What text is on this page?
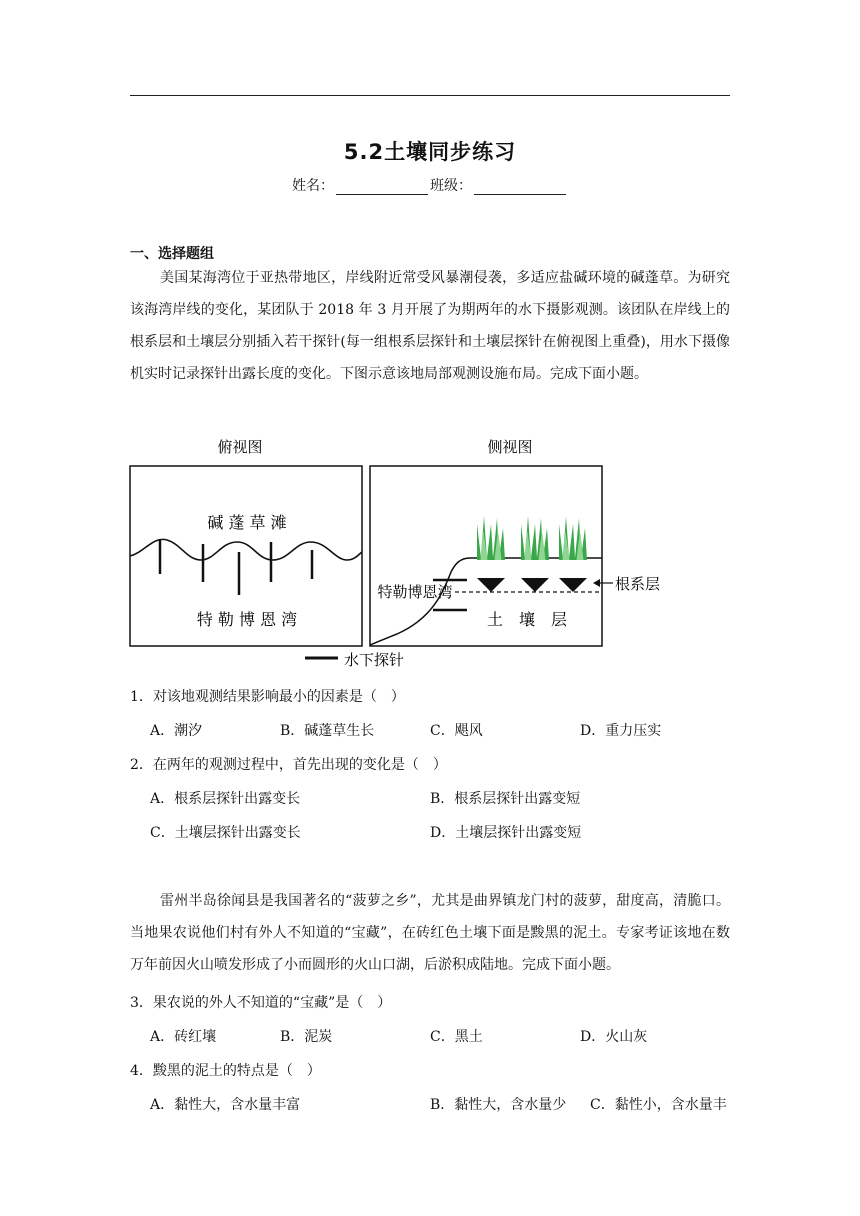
5.2土壤同步练习
姓名：	班级：
一、选择题组
美国某海湾位于亚热带地区，岸线附近常受风暴潮侵袭，多适应盐碱环境的碱蓬草。为研究该海湾岸线的变化，某团队于 2018 年 3 月开展了为期两年的水下摄影观测。该团队在岸线上的根系层和土壤层分别插入若干探针(每一组根系层探针和土壤层探针在俯视图上重叠)，用水下摄像机实时记录探针出露长度的变化。下图示意该地局部观测设施布局。完成下面小题。
俯视图
碱 蓬 草 滩
特 勒 博 恩 湾
侧视图
特勒博恩湾
土　壤　层
根系层
水下探针
1．对该地观测结果影响最小的因素是（　）
A．潮汐	B．碱蓬草生长	C．飓风	D．重力压实
2．在两年的观测过程中，首先出现的变化是（　）
A．根系层探针出露变长	B．根系层探针出露变短
C．土壤层探针出露变长	D．土壤层探针出露变短
雷州半岛徐闻县是我国著名的“菠萝之乡”，尤其是曲界镇龙门村的菠萝，甜度高，清脆口。当地果农说他们村有外人不知道的“宝藏”，在砖红色土壤下面是黢黑的泥土。专家考证该地在数万年前因火山喷发形成了小而圆形的火山口湖，后淤积成陆地。完成下面小题。
3．果农说的外人不知道的“宝藏”是（　）
A．砖红壤	B．泥炭	C．黑土	D．火山灰
4．黢黑的泥土的特点是（　）
A．黏性大，含水量丰富	B．黏性大，含水量少 C．黏性小，含水量丰
